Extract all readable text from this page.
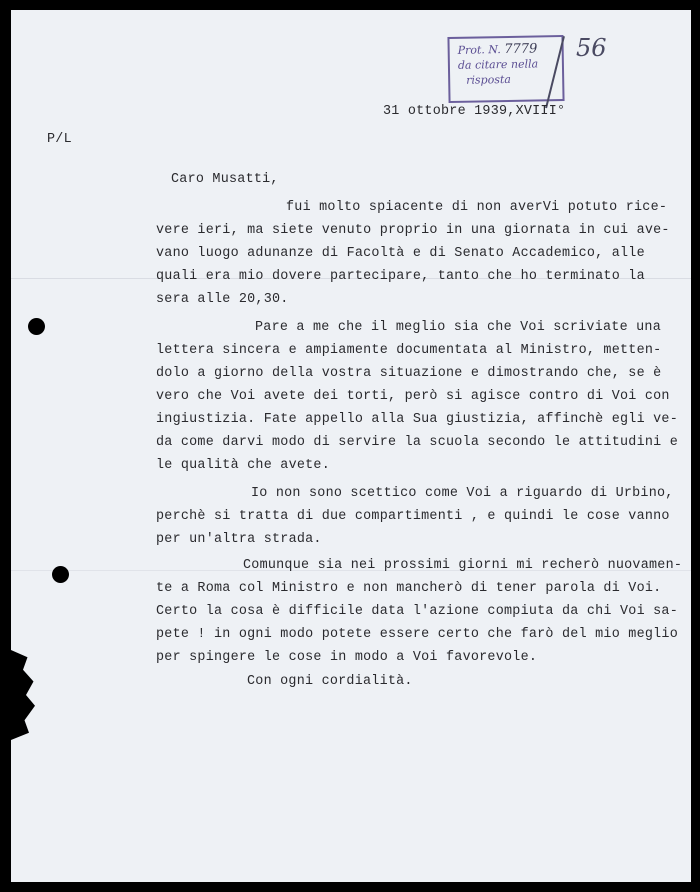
Prot. N. 7779
da citare nella
risposta
56
31 ottobre 1939,XVIII°
P/L
Caro Musatti,
fui molto spiacente di non averVi potuto rice-
vere ieri, ma siete venuto proprio in una giornata in cui ave-
vano luogo adunanze di Facoltà e di Senato Accademico, alle
quali era mio dovere partecipare, tanto che ho terminato la
sera alle 20,30.
Pare a me che il meglio sia che Voi scriviate una
lettera sincera e ampiamente documentata al Ministro, metten-
dolo a giorno della vostra situazione e dimostrando che, se è
vero che Voi avete dei torti, però si agisce contro di Voi con
ingiustizia. Fate appello alla Sua giustizia, affinchè egli ve-
da come darvi modo di servire la scuola secondo le attitudini e
le qualità che avete.
Io non sono scettico come Voi a riguardo di Urbino,
perchè si tratta di due compartimenti , e quindi le cose vanno
per un'altra strada.
Comunque sia nei prossimi giorni mi recherò nuovamen-
te a Roma col Ministro e non mancherò di tener parola di Voi.
Certo la cosa è difficile data l'azione compiuta da chi Voi sa-
pete ! in ogni modo potete essere certo che farò del mio meglio
per spingere le cose in modo a Voi favorevole.
Con ogni cordialità.
